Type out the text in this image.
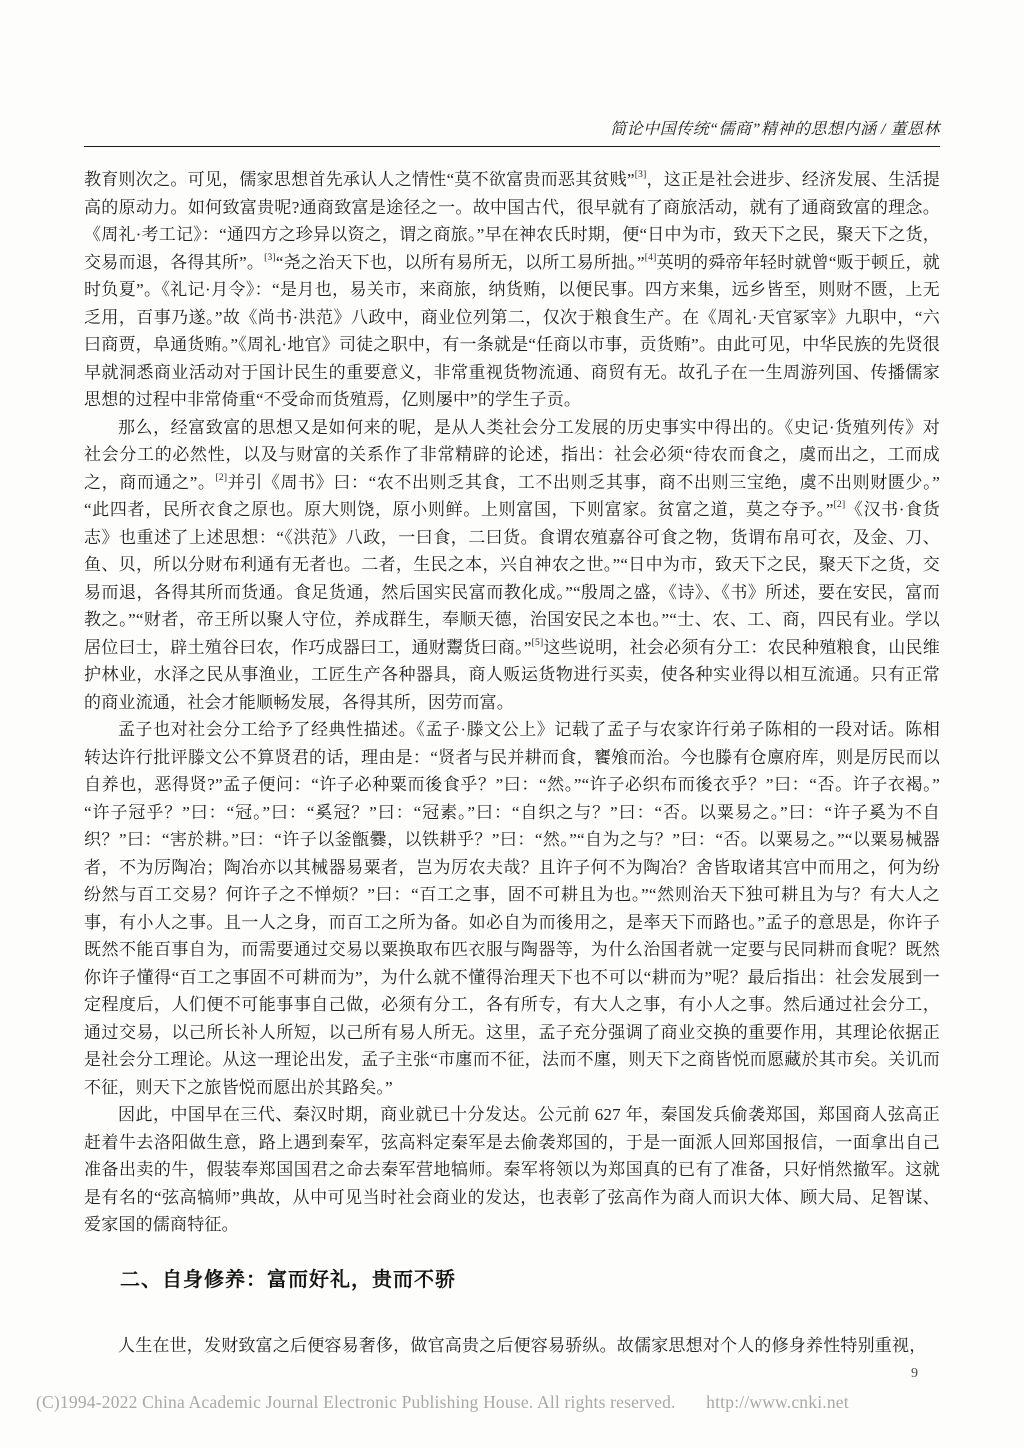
简论中国传统“儒商”精神的思想内涵 / 董恩林

教育则次之。可见，儒家思想首先承认人之情性“莫不欲富贵而恶其贫贱”[3]，这正是社会进步、经济发展、生活提高的原动力。如何致富贵呢?通商致富是途径之一。故中国古代，很早就有了商旅活动，就有了通商致富的理念。《周礼·考工记》：“通四方之珍异以资之，谓之商旅。”早在神农氏时期，便“日中为市，致天下之民，聚天下之货，交易而退，各得其所”。[3]“尧之治天下也，以所有易所无，以所工易所拙。”[4]英明的舜帝年轻时就曾“贩于顿丘，就时负夏”。《礼记·月令》：“是月也，易关市，来商旅，纳货贿，以便民事。四方来集，远乡皆至，则财不匮，上无乏用，百事乃遂。”故《尚书·洪范》八政中，商业位列第二，仅次于粮食生产。在《周礼·天官冢宰》九职中，“六曰商贾，阜通货贿。”《周礼·地官》司徒之职中，有一条就是“任商以市事，贡货贿”。由此可见，中华民族的先贤很早就洞悉商业活动对于国计民生的重要意义，非常重视货物流通、商贸有无。故孔子在一生周游列国、传播儒家思想的过程中非常倚重“不受命而货殖焉，亿则屡中”的学生子贡。

那么，经富致富的思想又是如何来的呢，是从人类社会分工发展的历史事实中得出的。《史记·货殖列传》对社会分工的必然性，以及与财富的关系作了非常精辟的论述，指出：社会必须“待农而食之，虞而出之，工而成之，商而通之”。[2]并引《周书》曰：“农不出则乏其食，工不出则乏其事，商不出则三宝绝，虞不出则财匮少。”“此四者，民所衣食之原也。原大则饶，原小则鲜。上则富国，下则富家。贫富之道，莫之夺予。”[2]《汉书·食货志》也重述了上述思想：“《洪范》八政，一曰食，二曰货。食谓农殖嘉谷可食之物，货谓布帛可衣，及金、刀、鱼、贝，所以分财布利通有无者也。二者，生民之本，兴自神农之世。”“日中为市，致天下之民，聚天下之货，交易而退，各得其所而货通。食足货通，然后国实民富而教化成。”“殷周之盛，《诗》、《书》所述，要在安民，富而教之。”“财者，帝王所以聚人守位，养成群生，奉顺天德，治国安民之本也。”“士、农、工、商，四民有业。学以居位曰士，辟土殖谷曰农，作巧成器曰工，通财鬻货曰商。”[5]这些说明，社会必须有分工：农民种殖粮食，山民维护林业，水泽之民从事渔业，工匠生产各种器具，商人贩运货物进行买卖，使各种实业得以相互流通。只有正常的商业流通，社会才能顺畅发展，各得其所，因劳而富。

孟子也对社会分工给予了经典性描述。《孟子·滕文公上》记载了孟子与农家许行弟子陈相的一段对话。陈相转达许行批评滕文公不算贤君的话，理由是：“贤者与民并耕而食，饔飧而治。今也滕有仓廪府库，则是厉民而以自养也，恶得贤?”孟子便问：“许子必种粟而後食乎？”曰：“然。”“许子必织布而後衣乎？”曰：“否。许子衣褐。”“许子冠乎？”曰：“冠。”曰：“奚冠？”曰：“冠素。”曰：“自织之与？”曰：“否。以粟易之。”曰：“许子奚为不自织？”曰：“害於耕。”曰：“许子以釜甑爨，以铁耕乎？”曰：“然。”“自为之与？”曰：“否。以粟易之。”“以粟易械器者，不为厉陶冶；陶冶亦以其械器易粟者，岂为厉农夫哉？且许子何不为陶冶？舍皆取诸其宫中而用之，何为纷纷然与百工交易？何许子之不惮烦？”曰：“百工之事，固不可耕且为也。”“然则治天下独可耕且为与？有大人之事，有小人之事。且一人之身，而百工之所为备。如必自为而後用之，是率天下而路也。”孟子的意思是，你许子既然不能百事自为，而需要通过交易以粟换取布匹衣服与陶器等，为什么治国者就一定要与民同耕而食呢？既然你许子懂得“百工之事固不可耕而为”，为什么就不懂得治理天下也不可以“耕而为”呢？最后指出：社会发展到一定程度后，人们便不可能事事自己做，必须有分工，各有所专，有大人之事，有小人之事。然后通过社会分工，通过交易，以己所长补人所短，以己所有易人所无。这里，孟子充分强调了商业交换的重要作用，其理论依据正是社会分工理论。从这一理论出发，孟子主张“市廛而不征，法而不廛，则天下之商皆悦而愿藏於其市矣。关讥而不征，则天下之旅皆悦而愿出於其路矣。”

因此，中国早在三代、秦汉时期，商业就已十分发达。公元前 627 年，秦国发兵偷袭郑国，郑国商人弦高正赶着牛去洛阳做生意，路上遇到秦军，弦高料定秦军是去偷袭郑国的，于是一面派人回郑国报信，一面拿出自己准备出卖的牛，假装奉郑国国君之命去秦军营地犒师。秦军将领以为郑国真的已有了准备，只好悄然撤军。这就是有名的“弦高犒师”典故，从中可见当时社会商业的发达，也表彰了弦高作为商人而识大体、顾大局、足智谋、爱家国的儒商特征。

二、自身修养：富而好礼，贵而不骄

人生在世，发财致富之后便容易奢侈，做官高贵之后便容易骄纵。故儒家思想对个人的修身养性特别重视，

9
(C)1994-2022 China Academic Journal Electronic Publishing House. All rights reserved. http://www.cnki.net
